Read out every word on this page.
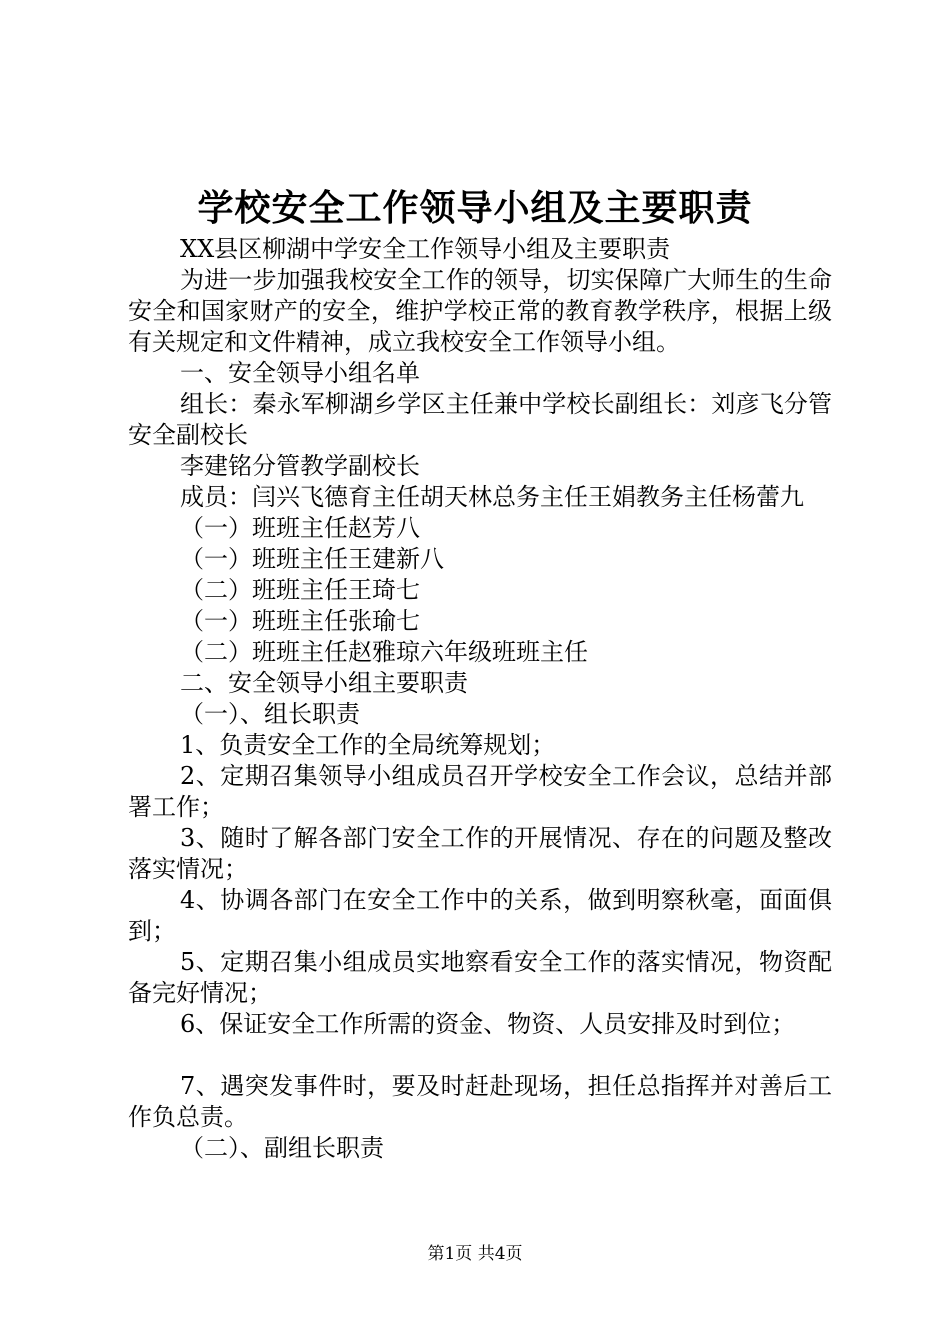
学校安全工作领导小组及主要职责

XX县区柳湖中学安全工作领导小组及主要职责

为进一步加强我校安全工作的领导，切实保障广大师生的生命安全和国家财产的安全，维护学校正常的教育教学秩序，根据上级有关规定和文件精神，成立我校安全工作领导小组。

一、安全领导小组名单

组长：秦永军柳湖乡学区主任兼中学校长副组长：刘彦飞分管安全副校长

李建铭分管教学副校长

成员：闫兴飞德育主任胡天林总务主任王娟教务主任杨蕾九

（一）班班主任赵芳八

（一）班班主任王建新八

（二）班班主任王琦七

（一）班班主任张瑜七

（二）班班主任赵雅琼六年级班班主任

二、安全领导小组主要职责

（一）、组长职责

1、负责安全工作的全局统筹规划；

2、定期召集领导小组成员召开学校安全工作会议，总结并部署工作；

3、随时了解各部门安全工作的开展情况、存在的问题及整改落实情况；

4、协调各部门在安全工作中的关系，做到明察秋毫，面面俱到；

5、定期召集小组成员实地察看安全工作的落实情况，物资配备完好情况；

6、保证安全工作所需的资金、物资、人员安排及时到位；

7、遇突发事件时，要及时赶赴现场，担任总指挥并对善后工作负总责。

（二）、副组长职责

第1页 共4页
